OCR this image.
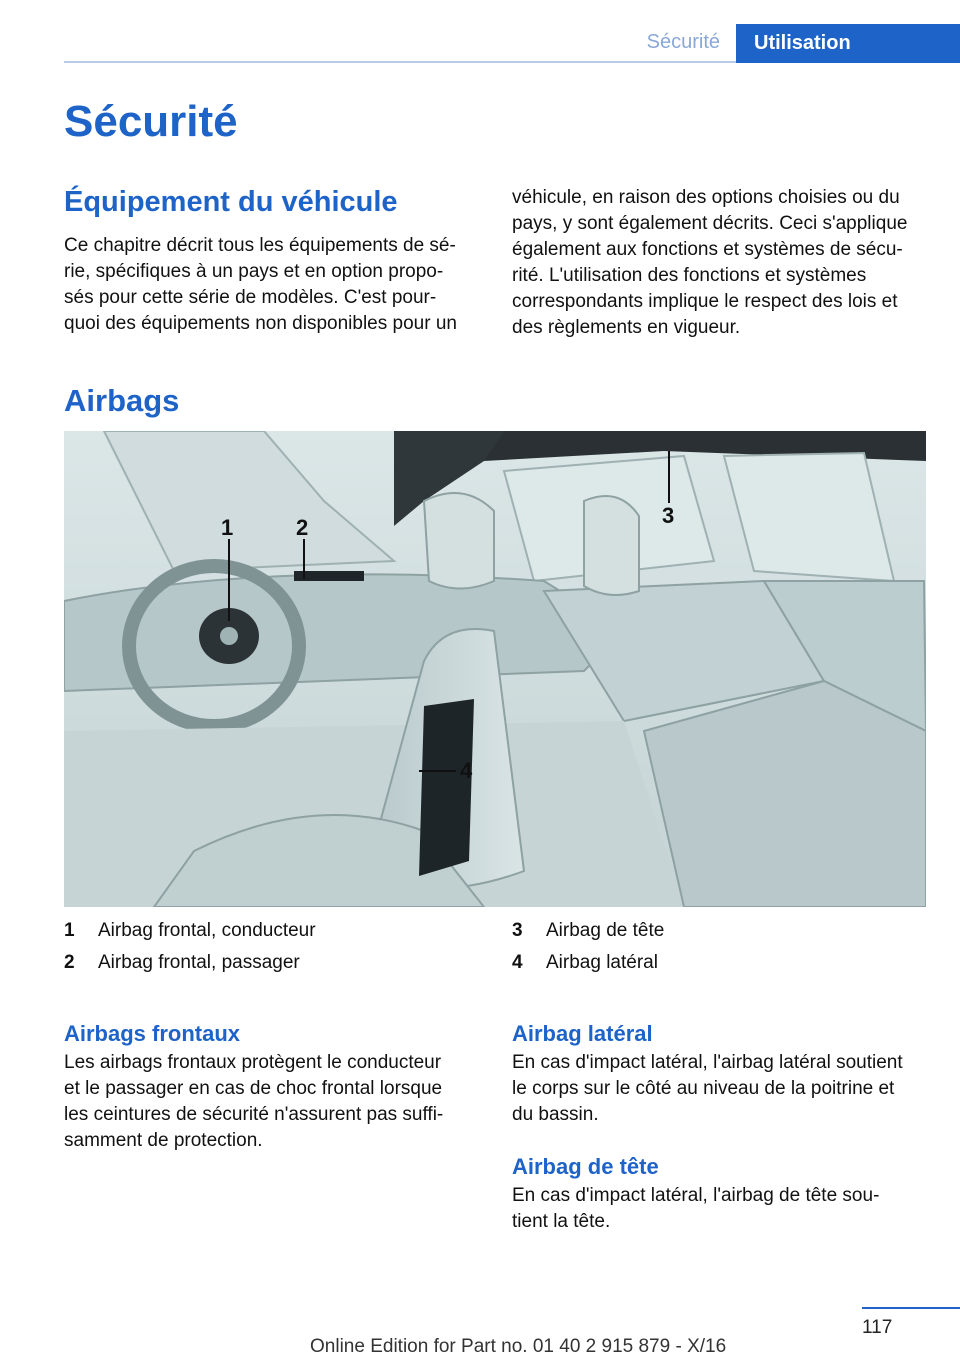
Sécurité	Utilisation
Sécurité
Équipement du véhicule
Ce chapitre décrit tous les équipements de sé-
rie, spécifiques à un pays et en option propo-
sés pour cette série de modèles. C'est pour-
quoi des équipements non disponibles pour un
véhicule, en raison des options choisies ou du
pays, y sont également décrits. Ceci s'applique
également aux fonctions et systèmes de sécu-
rité. L'utilisation des fonctions et systèmes
correspondants implique le respect des lois et
des règlements en vigueur.
Airbags
1	2	3
4
1 Airbag frontal, conducteur
2 Airbag frontal, passager
3 Airbag de tête
4 Airbag latéral
Airbags frontaux
Les airbags frontaux protègent le conducteur
et le passager en cas de choc frontal lorsque
les ceintures de sécurité n'assurent pas suffi-
samment de protection.
Airbag latéral
En cas d'impact latéral, l'airbag latéral soutient
le corps sur le côté au niveau de la poitrine et
du bassin.
Airbag de tête
En cas d'impact latéral, l'airbag de tête sou-
tient la tête.
117
Online Edition for Part no. 01 40 2 915 879 - X/16
